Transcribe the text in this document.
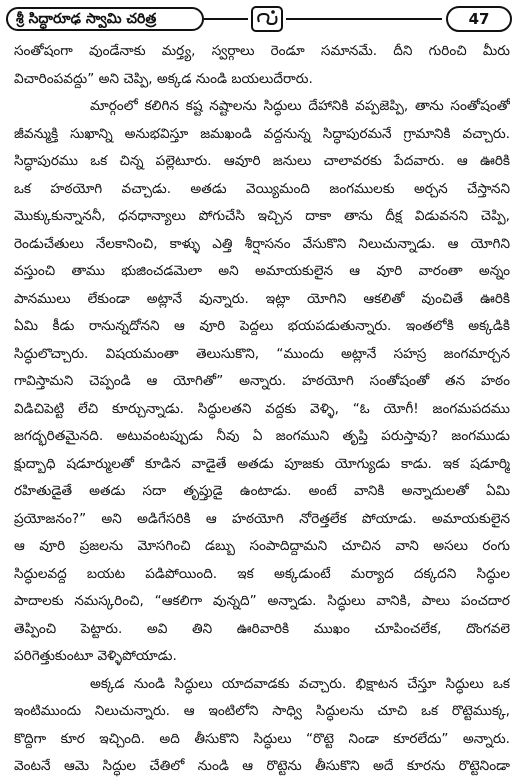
శ్రీ సిద్ధారూఢ స్వామి చరిత్ర	47

సంతోషంగా వుండేనాకు మర్త్య, స్వర్గాలు రెండూ సమానమే. దీని గురించి మీరు
విచారింపవద్దు” అని చెప్పి, అక్కడ నుండి బయలుదేరారు.

మార్గంలో కలిగిన కష్ట నష్టాలను సిద్ధులు దేహానికి వప్పజెప్పి, తాను సంతోషంతో
జీవన్ముక్తి సుఖాన్ని అనుభవిస్తూ జమఖండి వద్దనున్న సిద్ధాపురమనే గ్రామానికి వచ్చారు.
సిద్ధాపురము ఒక చిన్న పల్లెటూరు. ఆవూరి జనులు చాలావరకు పేదవారు. ఆ ఊరికి
ఒక హఠయోగి వచ్చాడు. అతడు వెయ్యిమంది జంగములకు అర్చన చేస్తానని
మొక్కుకున్నాననీ, ధనధాన్యాలు పోగుచేసి ఇచ్చిన దాకా తాను దీక్ష విడువనని చెప్పి,
రెండుచేతులు నేలకానించి, కాళ్ళు ఎత్తి శీర్షాసనం వేసుకొని నిలుచున్నాడు. ఆ యోగిని
వస్తుంచి తాము భుజించడమెలా అని అమాయకులైన ఆ వూరి వారంతా అన్నం
పానములు లేకుండా అట్లానే వున్నారు. ఇట్లా యోగిని ఆకలితో వుంచితే ఊరికి
ఏమి కీడు రానున్నదోనని ఆ వూరి పెద్దలు భయపడుతున్నారు. ఇంతలోకి అక్కడికి
సిద్ధులొచ్చారు. విషయమంతా తెలుసుకొని, “ముందు అట్లానే సహస్ర జంగమార్చన
గావిస్తామని చెప్పండి ఆ యోగితో” అన్నారు. హఠయోగి సంతోషంతో తన హఠం
విడిచిపెట్టి లేచి కూర్చున్నాడు. సిద్ధులతని వద్దకు వెళ్ళి, “ఓ యోగీ! జంగమపదము
జగద్భరితమైనది. అటువంటప్పుడు నీవు ఏ జంగముని తృప్తి పరుస్తావు? జంగముడు
క్షుద్బాధి షడూర్ములతో కూడిన వాడైతే అతడు పూజకు యోగ్యుడు కాడు. ఇక షడూర్మి
రహితుడైతే అతడు సదా తృప్తుడై ఉంటాడు. అంటే వానికి అన్నాదులతో ఏమి
ప్రయోజనం?” అని అడిగేసరికి ఆ హఠయోగి నోరెత్తలేక పోయాడు. అమాయకులైన
ఆ వూరి ప్రజలను మోసగించి డబ్బు సంపాదిద్దామని చూచిన వాని అసలు రంగు
సిద్ధులవద్ద బయట పడిపోయింది. ఇక అక్కడుంటే మర్యాద దక్కదని సిద్ధుల
పాదాలకు నమస్కరించి, “ఆకలిగా వున్నది” అన్నాడు. సిద్ధులు వానికి, పాలు పంచదార
తెప్పించి పెట్టారు. అవి తిని ఊరివారికి ముఖం చూపించలేక, దొంగవలె
పరిగెత్తుకుంటూ వెళ్ళిపోయాడు.

అక్కడ నుండి సిద్ధులు యాదవాడకు వచ్చారు. భిక్షాటన చేస్తూ సిద్ధులు ఒక
ఇంటిముందు నిలుచున్నారు. ఆ ఇంటిలోని సాధ్వి సిద్ధులను చూచి ఒక రొట్టెముక్క,
కొద్దిగా కూర ఇచ్చింది. అది తీసుకొని సిద్ధులు “రొట్టె నిండా కూరలేదు” అన్నారు.
వెంటనే ఆమె సిద్ధుల చేతిలో నుండి ఆ రొట్టెను తీసుకొని అదే కూరను రొట్టెనిండా
